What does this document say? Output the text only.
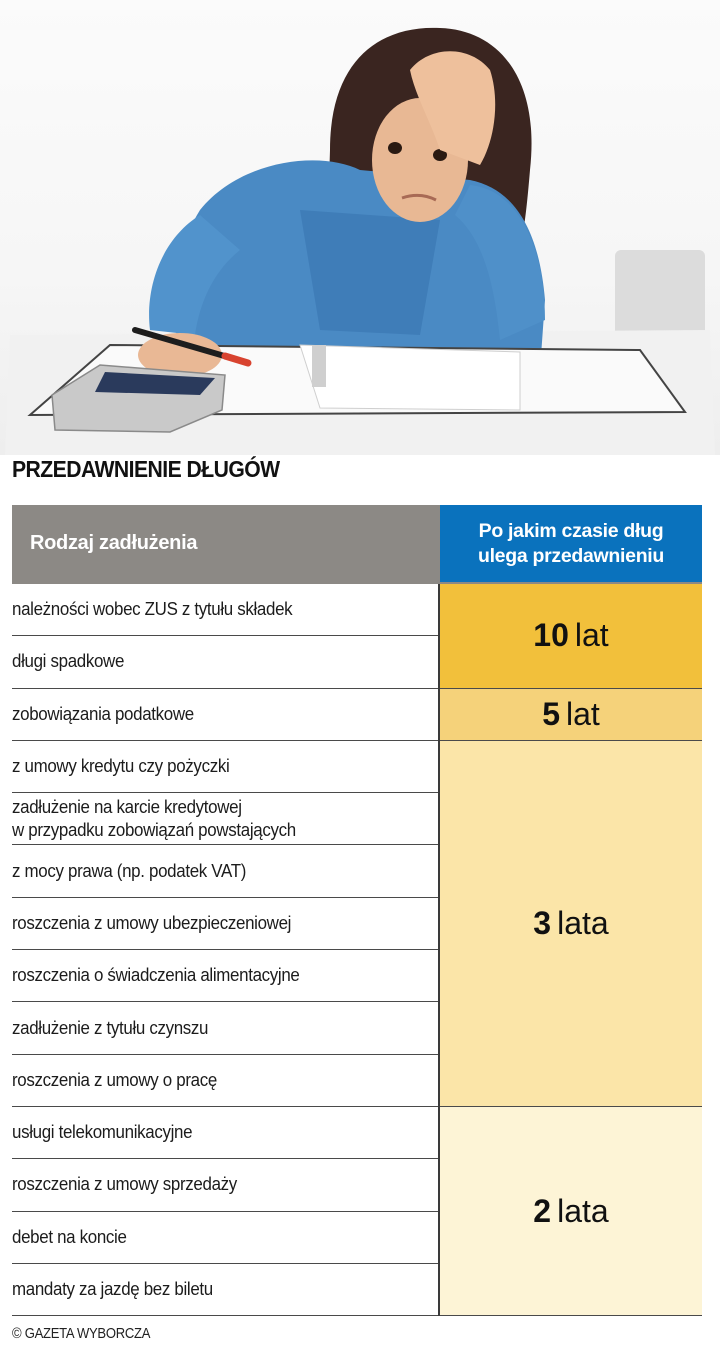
PRZEDAWNIENIE DŁUGÓW
Rodzaj zadłużenia
Po jakim czasie dług
ulega przedawnieniu
należności wobec ZUS z tytułu składek
długi spadkowe
zobowiązania podatkowe
z umowy kredytu czy pożyczki
zadłużenie na karcie kredytowej
w przypadku zobowiązań powstających
z mocy prawa (np. podatek VAT)
roszczenia z umowy ubezpieczeniowej
roszczenia o świadczenia alimentacyjne
zadłużenie z tytułu czynszu
roszczenia z umowy o pracę
usługi telekomunikacyjne
roszczenia z umowy sprzedaży
debet na koncie
mandaty za jazdę bez biletu
10 lat
5 lat
3 lata
2 lata
© GAZETA WYBORCZA
